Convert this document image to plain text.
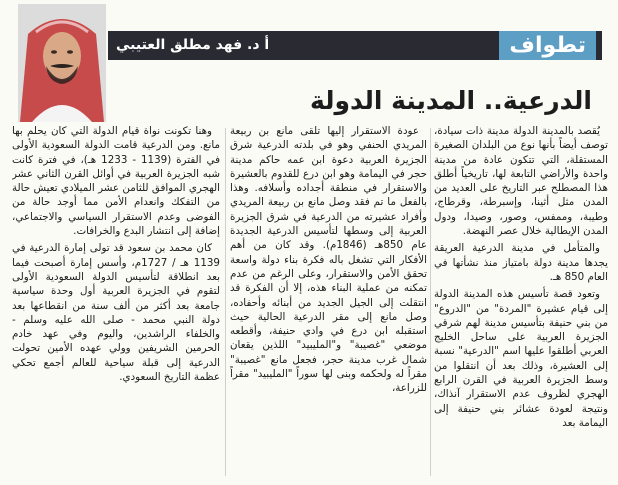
أ د. فهد مطلق العتيبي	تطواف
الدرعية.. المدينة الدولة

يُقصد بالمدينة الدولة مدينة ذات سيادة، توصف أيضاً بأنها نوع من البلدان الصغيرة المستقلة، التي تتكون عادة من مدينة واحدة والأراضي التابعة لها، تاريخياً أطلق هذا المصطلح عبر التاريخ على العديد من المدن مثل أثينا، وإسبرطة، وقرطاج، وطيبة، وممفس، وصور، وصيدا، ودول المدن الإيطالية خلال عصر النهضة.

والمتأمل في مدينة الدرعية العريقة يجدها مدينة دولة بامتياز منذ نشأتها في العام 850 هـ.

وتعود قصة تأسيس هذه المدينة الدولة إلى قيام عشيرة "المردة" من "الدروع" من بني حنيفة بتأسيس مدينة لهم شرقي الجزيرة العربية على ساحل الخليج العربي أطلقوا عليها اسم "الدرعية" نسبة إلى العشيرة، وذلك بعد أن انتقلوا من وسط الجزيرة العربية في القرن الرابع الهجري لظروف عدم الاستقرار آنذاك، ونتيجة لعودة عشائر بني حنيفة إلى اليمامة بعد

عودة الاستقرار إليها تلقى مانع بن ربيعة المريدي الحنفي وهو في بلدته الدرعية شرق الجزيرة العربية دعوة ابن عمه حاكم مدينة حجر في اليمامة وهو ابن درع للقدوم بالعشيرة والاستقرار في منطقة أجداده وأسلافه. وهذا بالفعل ما تم فقد وصل مانع بن ربيعة المريدي وأفراد عشيرته من الدرعية في شرق الجزيرة العربية إلى وسطها لتأسيس الدرعية الجديدة عام 850هـ (1846م). وقد كان من أهم الأفكار التي تشغل باله فكرة بناء دولة واسعة تحقق الأمن والاستقرار، وعلى الرغم من عدم تمكنه من عملية البناء هذه، إلا أن الفكرة قد انتقلت إلى الجيل الجديد من أبنائه وأحفاده، وصل مانع إلى مقر الدرعية الحالية حيث استقبله ابن درع في وادي حنيفة، وأقطعه موضعي "غصيبة" و"المليبيد" اللذين يقعان شمال غرب مدينة حجر، فجعل مانع "غصيبة" مقراً له ولحكمه وبنى لها سوراً "المليبيد" مقراً للزراعة،

وهنا تكونت نواة قيام الدولة التي كان يحلم بها مانع. ومن الدرعية قامت الدولة السعودية الأولى في الفترة (1139 - 1233 هـ)، في فترة كانت شبه الجزيرة العربية في أوائل القرن الثاني عشر الهجري الموافق للثامن عشر الميلادي تعيش حالة من التفكك وانعدام الأمن مما أوجد حالة من الفوضى وعدم الاستقرار السياسي والاجتماعي، إضافة إلى انتشار البدع والخرافات.

كان محمد بن سعود قد تولى إمارة الدرعية في 1139 هـ / 1727م، وأسس إمارة أصبحت فيما بعد انطلاقة لتأسيس الدولة السعودية الأولى لتقوم في الجزيرة العربية أول وحدة سياسية جامعة بعد أكثر من ألف سنة من انقطاعها بعد دولة النبي محمد - صلى الله عليه وسلم - والخلفاء الراشدين، واليوم وفي عهد خادم الحرمين الشريفين وولي عهده الأمين تحولت الدرعية إلى قبلة سياحية للعالم أجمع تحكي عظمة التاريخ السعودي.
